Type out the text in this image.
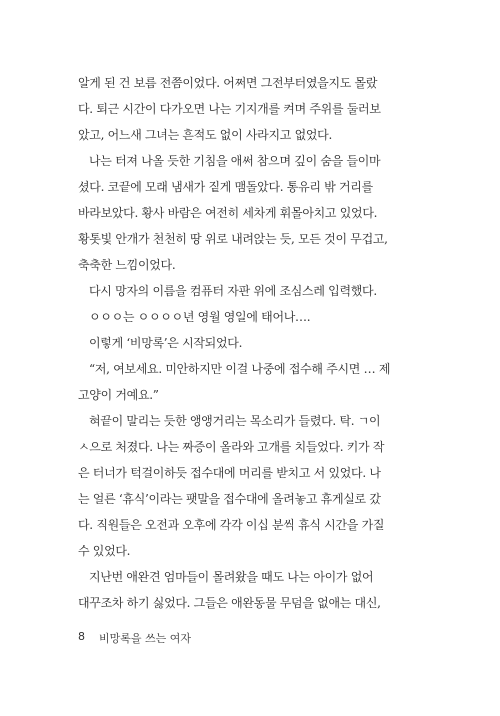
알게 된 건 보름 전쯤이었다. 어쩌면 그전부터였을지도 몰랐
다. 퇴근 시간이 다가오면 나는 기지개를 켜며 주위를 둘러보
았고, 어느새 그녀는 흔적도 없이 사라지고 없었다.
나는 터져 나올 듯한 기침을 애써 참으며 깊이 숨을 들이마
셨다. 코끝에 모래 냄새가 짙게 맴돌았다. 통유리 밖 거리를
바라보았다. 황사 바람은 여전히 세차게 휘몰아치고 있었다.
황톳빛 안개가 천천히 땅 위로 내려앉는 듯, 모든 것이 무겁고,
축축한 느낌이었다.
다시 망자의 이름을 컴퓨터 자판 위에 조심스레 입력했다.
ㅇㅇㅇ는 ㅇㅇㅇㅇ년 영월 영일에 태어나….
이렇게 ‘비망록’은 시작되었다.
“저, 여보세요. 미안하지만 이걸 나중에 접수해 주시면 … 제
고양이 거예요.”
혀끝이 말리는 듯한 앵앵거리는 목소리가 들렸다. 탁. ㄱ이
ㅅ으로 처졌다. 나는 짜증이 올라와 고개를 치들었다. 키가 작
은 터너가 턱걸이하듯 접수대에 머리를 받치고 서 있었다. 나
는 얼른 ‘휴식’이라는 팻말을 접수대에 올려놓고 휴게실로 갔
다. 직원들은 오전과 오후에 각각 이십 분씩 휴식 시간을 가질
수 있었다.
지난번 애완견 엄마들이 몰려왔을 때도 나는 아이가 없어
대꾸조차 하기 싫었다. 그들은 애완동물 무덤을 없애는 대신,
8 비망록을 쓰는 여자
